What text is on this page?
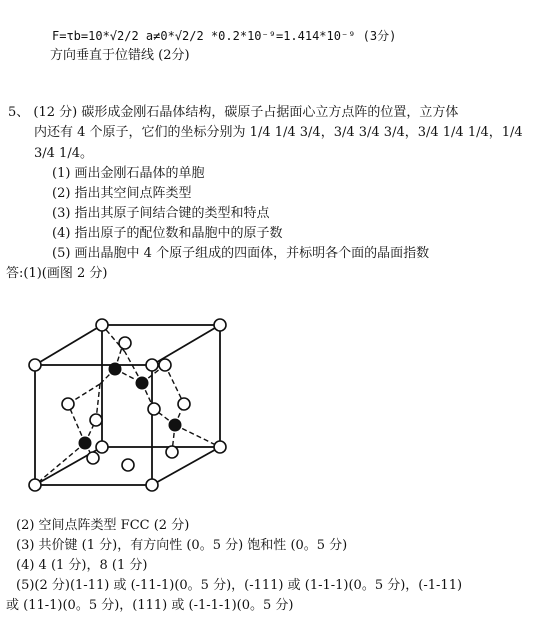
F=τb=10*√2/2 a≠0*√2/2 *0.2*10⁻⁹=1.414*10⁻⁹ (3分)
方向垂直于位错线 (2分)
5、 (12 分) 碳形成金刚石晶体结构，碳原子占据面心立方点阵的位置，立方体
内还有 4 个原子，它们的坐标分别为 1/4 1/4 3/4，3/4 3/4 3/4，3/4 1/4 1/4，1/4
3/4 1/4。
(1) 画出金刚石晶体的单胞
(2) 指出其空间点阵类型
(3) 指出其原子间结合键的类型和特点
(4) 指出原子的配位数和晶胞中的原子数
(5) 画出晶胞中 4 个原子组成的四面体，并标明各个面的晶面指数
答:(1)(画图 2 分)
(2) 空间点阵类型 FCC (2 分)
(3) 共价键 (1 分)，有方向性 (0。5 分) 饱和性 (0。5 分)
(4) 4 (1 分)，8 (1 分)
(5)(2 分)(1-11) 或 (-11-1)(0。5 分)，(-111) 或 (1-1-1)(0。5 分)，(-1-11)
或 (11-1)(0。5 分)，(111) 或 (-1-1-1)(0。5 分)
